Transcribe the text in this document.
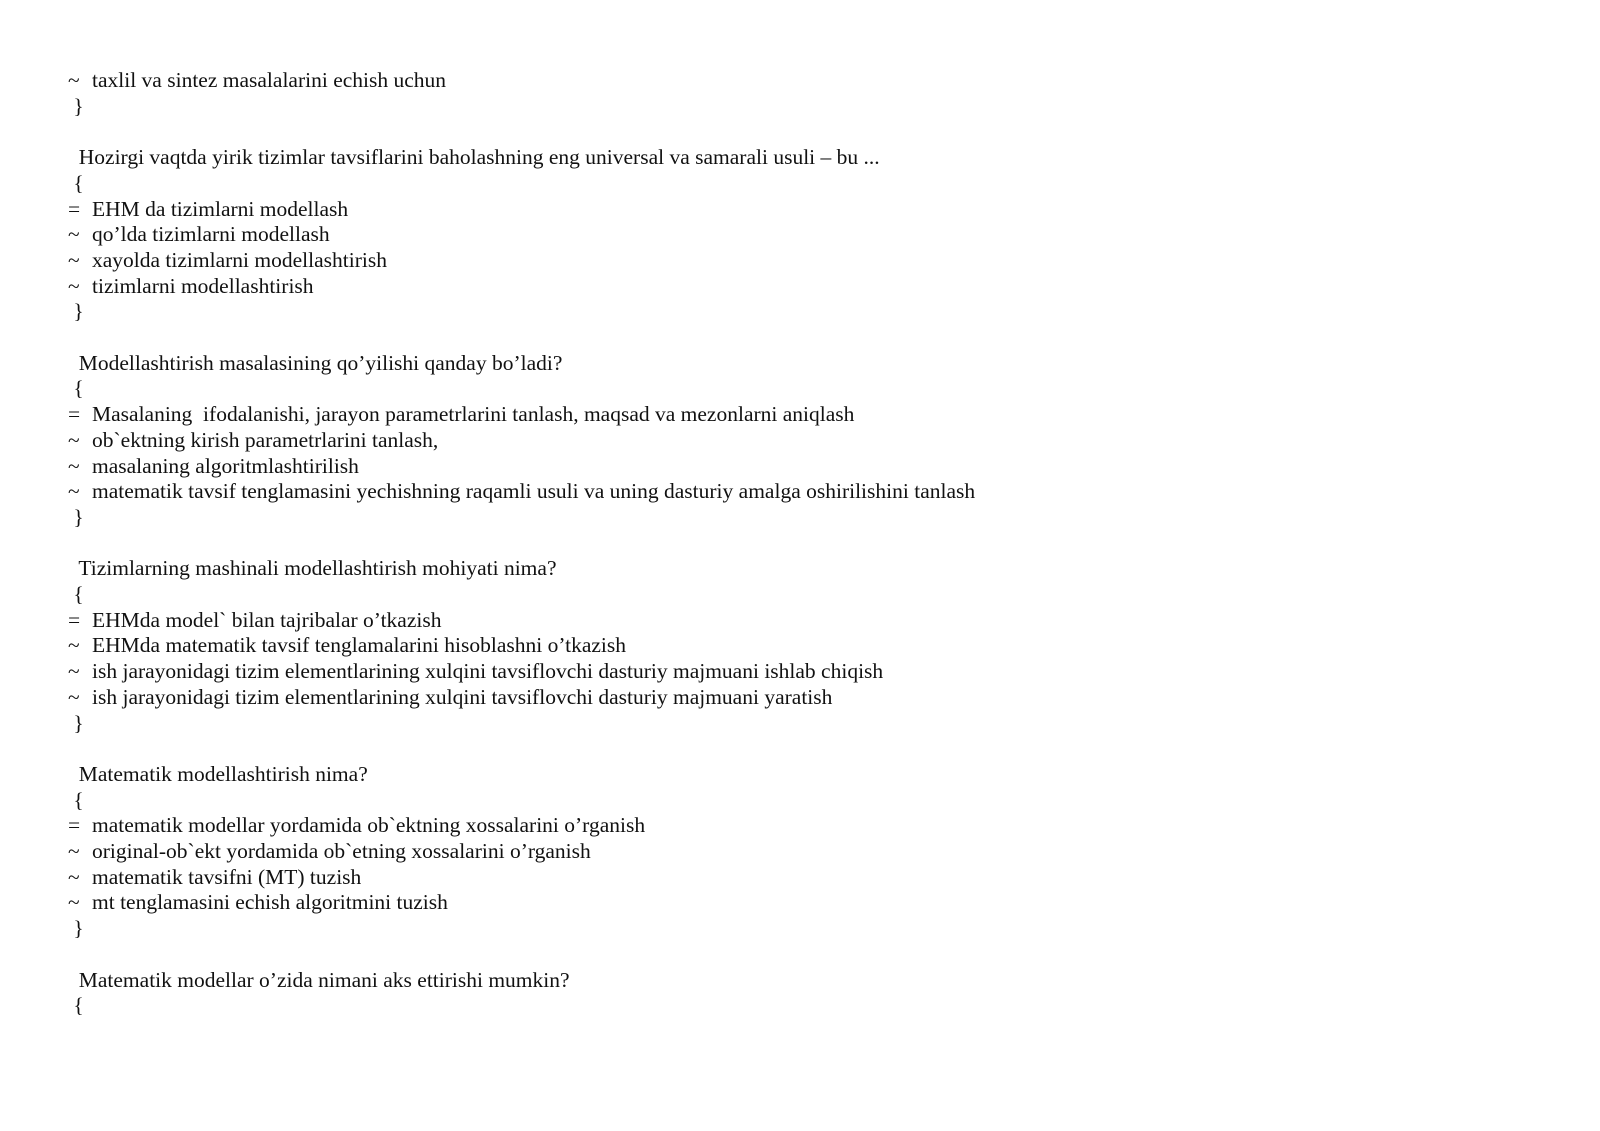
~ taxlil va sintez masalalarini echish uchun
}
Hozirgi vaqtda yirik tizimlar tavsiflarini baholashning eng universal va samarali usuli – bu ...
{
= EHM da tizimlarni modellash
~ qo’lda tizimlarni modellash
~ xayolda tizimlarni modellashtirish
~ tizimlarni modellashtirish
}
Modellashtirish masalasining qo’yilishi qanday bo’ladi?
{
= Masalaning  ifodalanishi, jarayon parametrlarini tanlash, maqsad va mezonlarni aniqlash
~ ob`ektning kirish parametrlarini tanlash,
~ masalaning algoritmlashtirilish
~ matematik tavsif tenglamasini yechishning raqamli usuli va uning dasturiy amalga oshirilishini tanlash
}
Tizimlarning mashinali modellashtirish mohiyati nima?
{
= EHMda model` bilan tajribalar o’tkazish
~ EHMda matematik tavsif tenglamalarini hisoblashni o’tkazish
~ ish jarayonidagi tizim elementlarining xulqini tavsiflovchi dasturiy majmuani ishlab chiqish
~ ish jarayonidagi tizim elementlarining xulqini tavsiflovchi dasturiy majmuani yaratish
}
Matematik modellashtirish nima?
{
= matematik modellar yordamida ob`ektning xossalarini o’rganish
~ original-ob`ekt yordamida ob`etning xossalarini o’rganish
~ matematik tavsifni (MT) tuzish
~ mt tenglamasini echish algoritmini tuzish
}
Matematik modellar o’zida nimani aks ettirishi mumkin?
{
